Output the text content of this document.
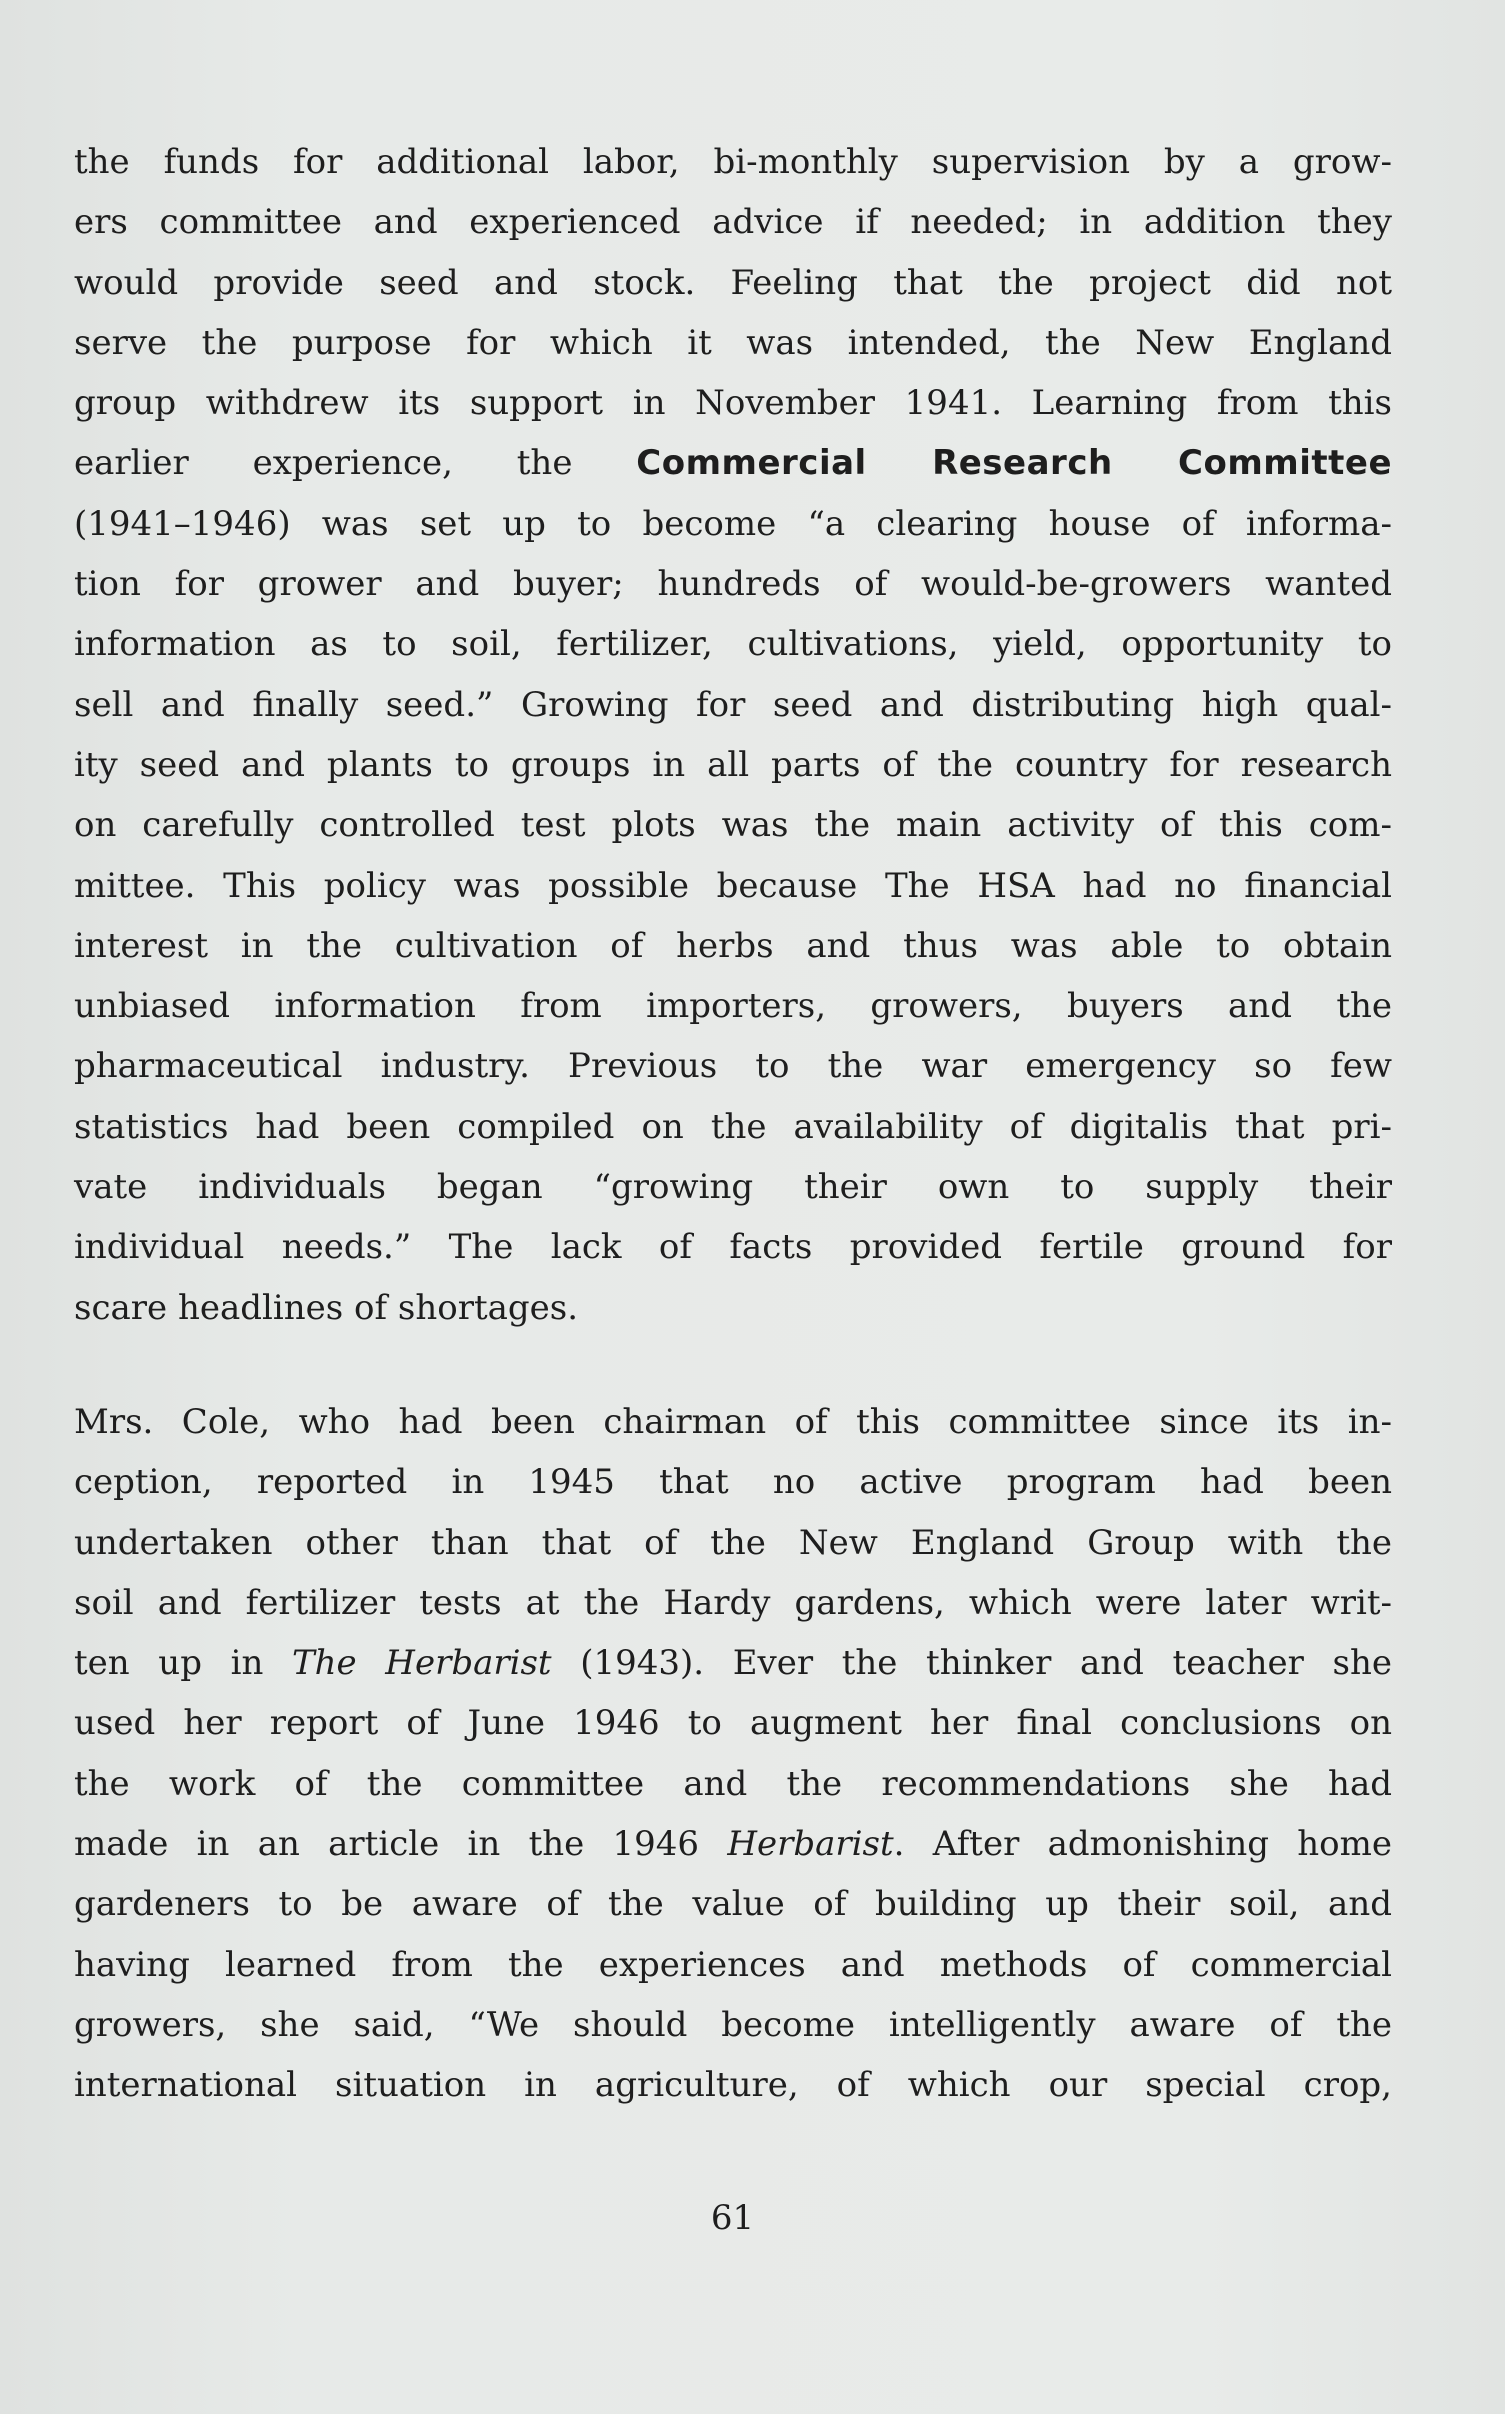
the funds for additional labor, bi-monthly supervision by a grow-
ers committee and experienced advice if needed; in addition they
would provide seed and stock. Feeling that the project did not
serve the purpose for which it was intended, the New England
group withdrew its support in November 1941. Learning from this
earlier experience, the Commercial Research Committee
(1941–1946) was set up to become “a clearing house of informa-
tion for grower and buyer; hundreds of would-be-growers wanted
information as to soil, fertilizer, cultivations, yield, opportunity to
sell and finally seed.” Growing for seed and distributing high qual-
ity seed and plants to groups in all parts of the country for research
on carefully controlled test plots was the main activity of this com-
mittee. This policy was possible because The HSA had no financial
interest in the cultivation of herbs and thus was able to obtain
unbiased information from importers, growers, buyers and the
pharmaceutical industry. Previous to the war emergency so few
statistics had been compiled on the availability of digitalis that pri-
vate individuals began “growing their own to supply their
individual needs.” The lack of facts provided fertile ground for
scare headlines of shortages.
Mrs. Cole, who had been chairman of this committee since its in-
ception, reported in 1945 that no active program had been
undertaken other than that of the New England Group with the
soil and fertilizer tests at the Hardy gardens, which were later writ-
ten up in The Herbarist (1943). Ever the thinker and teacher she
used her report of June 1946 to augment her final conclusions on
the work of the committee and the recommendations she had
made in an article in the 1946 Herbarist. After admonishing home
gardeners to be aware of the value of building up their soil, and
having learned from the experiences and methods of commercial
growers, she said, “We should become intelligently aware of the
international situation in agriculture, of which our special crop,
61
